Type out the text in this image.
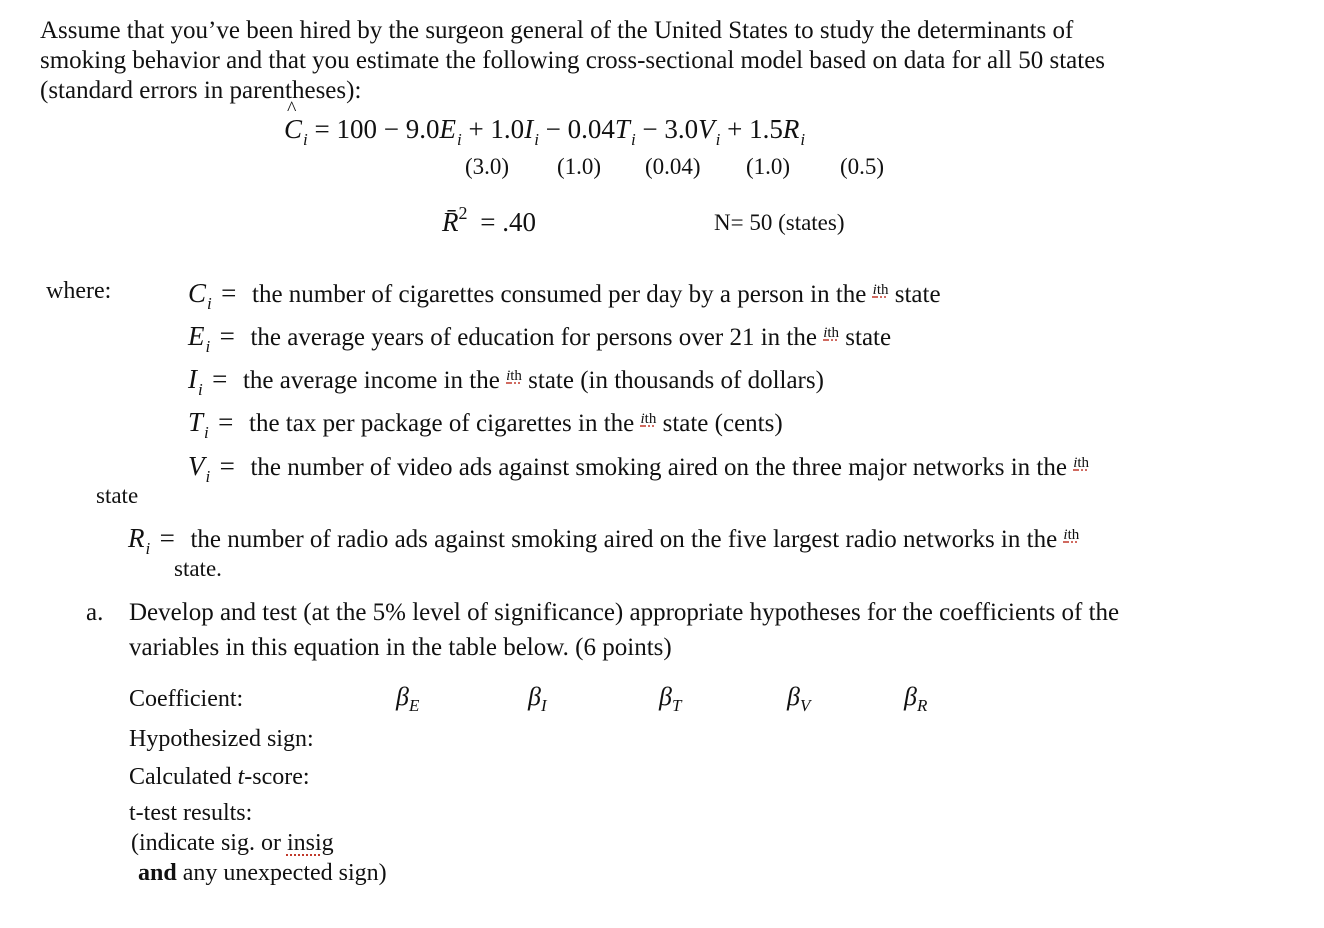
Assume that you’ve been hired by the surgeon general of the United States to study the determinants of
smoking behavior and that you estimate the following cross-sectional model based on data for all 50 states
(standard errors in parentheses):
C
^
$_i = 100 - 9.0E_i + 1.0I_i - 0.04T_i - 3.0V_i + 1.5R_i$
(3.0) (1.0) (0.04) (1.0) (0.5)
R̄$^2$ = .40	N= 50 (states)
where:	$C_i$ = the number of cigarettes consumed per day by a person in the $^{ith}$ state
$E_i$ = the average years of education for persons over 21 in the $^{ith}$ state
$I_i$ = the average income in the $^{ith}$ state (in thousands of dollars)
$T_i$ = the tax per package of cigarettes in the $^{ith}$ state (cents)
$V_i$ = the number of video ads against smoking aired on the three major networks in the $^{ith}$
state
$R_i$ = the number of radio ads against smoking aired on the five largest radio networks in the $^{ith}$
state.
a. Develop and test (at the 5% level of significance) appropriate hypotheses for the coefficients of the
variables in this equation in the table below. (6 points)
Coefficient:	$\beta_E$	$\beta_I$	$\beta_T$	$\beta_V$	$\beta_R$
Hypothesized sign:
Calculated t-score:
t-test results:
(indicate sig. or insig
and any unexpected sign)
